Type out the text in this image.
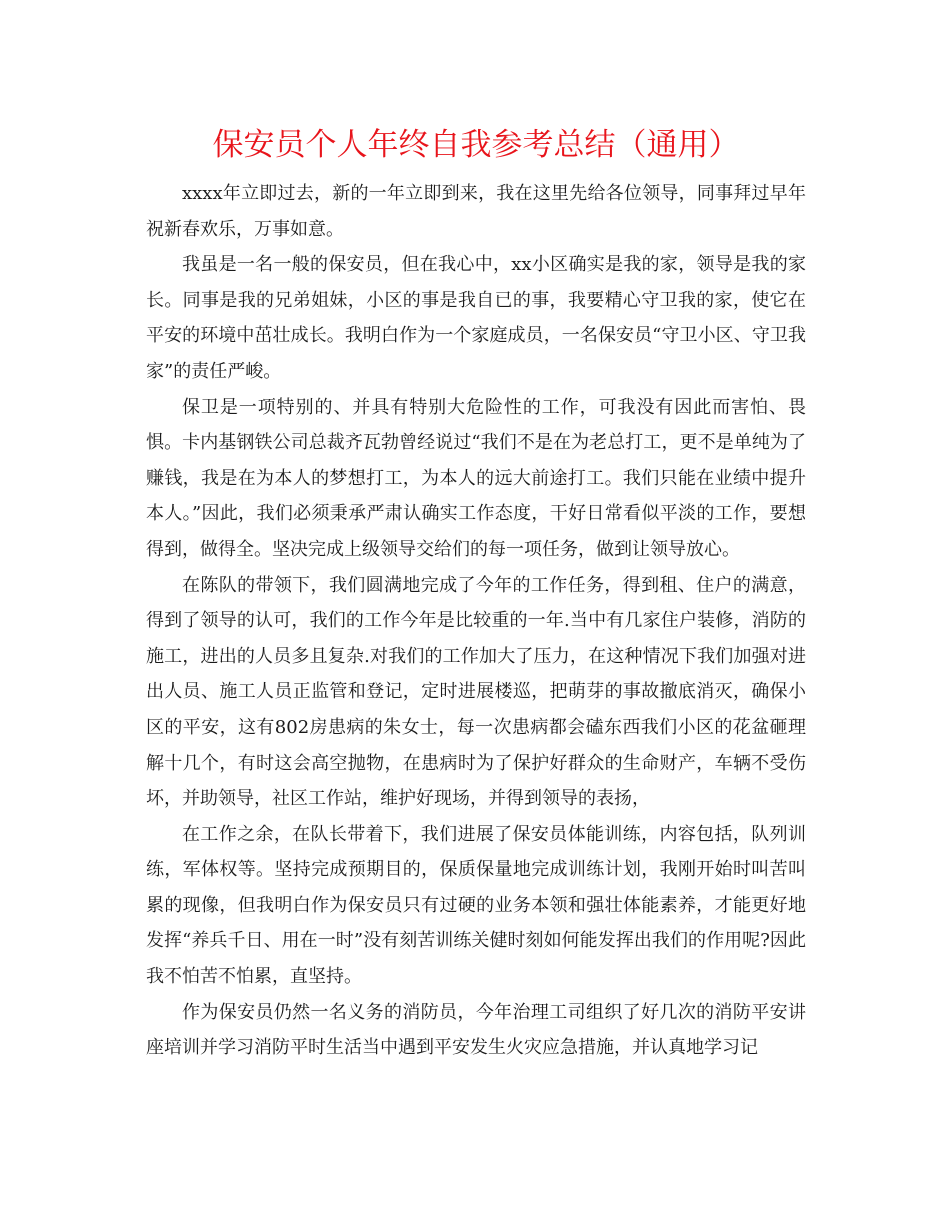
保安员个人年终自我参考总结（通用）

xxxx年立即过去，新的一年立即到来，我在这里先给各位领导，同事拜过早年祝新春欢乐，万事如意。

我虽是一名一般的保安员，但在我心中，xx小区确实是我的家，领导是我的家长。同事是我的兄弟姐妹，小区的事是我自已的事，我要精心守卫我的家，使它在平安的环境中茁壮成长。我明白作为一个家庭成员，一名保安员“守卫小区、守卫我家”的责任严峻。

保卫是一项特别的、并具有特别大危险性的工作，可我没有因此而害怕、畏惧。卡内基钢铁公司总裁齐瓦勃曾经说过“我们不是在为老总打工，更不是单纯为了赚钱，我是在为本人的梦想打工，为本人的远大前途打工。我们只能在业绩中提升本人。”因此，我们必须秉承严肃认确实工作态度，干好日常看似平淡的工作，要想得到，做得全。坚决完成上级领导交给们的每一项任务，做到让领导放心。

在陈队的带领下，我们圆满地完成了今年的工作任务，得到租、住户的满意，得到了领导的认可，我们的工作今年是比较重的一年.当中有几家住户装修，消防的施工，进出的人员多且复杂.对我们的工作加大了压力，在这种情况下我们加强对进出人员、施工人员正监管和登记，定时进展楼巡，把萌芽的事故撤底消灭，确保小区的平安，这有802房患病的朱女士，每一次患病都会磕东西我们小区的花盆砸理解十几个，有时这会高空抛物，在患病时为了保护好群众的生命财产，车辆不受伤坏，并助领导，社区工作站，维护好现场，并得到领导的表扬，

在工作之余，在队长带着下，我们进展了保安员体能训练，内容包括，队列训练，军体权等。坚持完成预期目的，保质保量地完成训练计划，我刚开始时叫苦叫累的现像，但我明白作为保安员只有过硬的业务本领和强壮体能素养，才能更好地发挥“养兵千日、用在一时”没有刻苦训练关健时刻如何能发挥出我们的作用呢?因此我不怕苦不怕累，直坚持。

作为保安员仍然一名义务的消防员，今年治理工司组织了好几次的消防平安讲座培训并学习消防平时生活当中遇到平安发生火灾应急措施，并认真地学习记
